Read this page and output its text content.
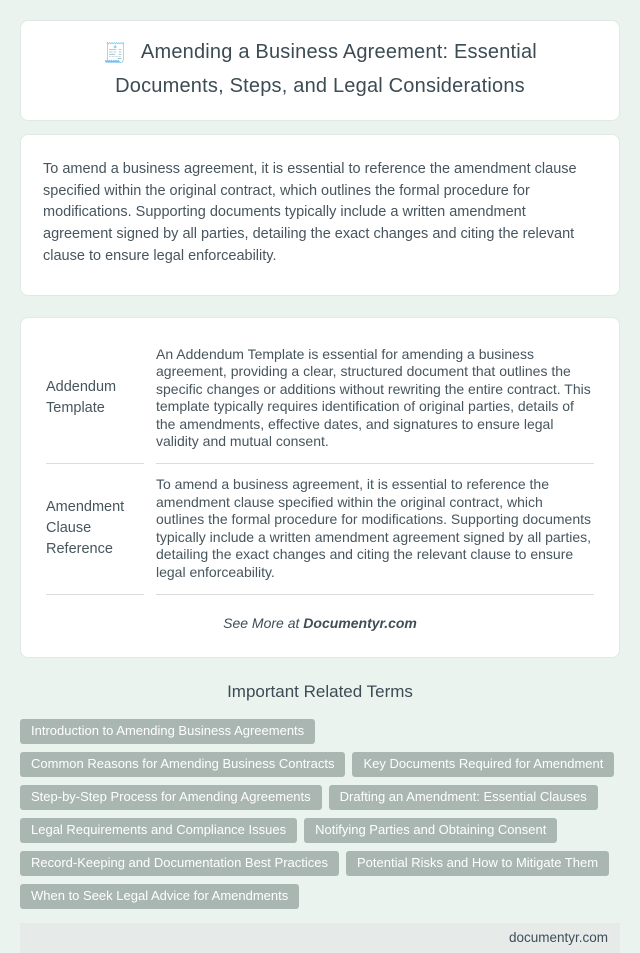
🧾 Amending a Business Agreement: Essential Documents, Steps, and Legal Considerations

To amend a business agreement, it is essential to reference the amendment clause specified within the original contract, which outlines the formal procedure for modifications. Supporting documents typically include a written amendment agreement signed by all parties, detailing the exact changes and citing the relevant clause to ensure legal enforceability.

Addendum Template
An Addendum Template is essential for amending a business agreement, providing a clear, structured document that outlines the specific changes or additions without rewriting the entire contract. This template typically requires identification of original parties, details of the amendments, effective dates, and signatures to ensure legal validity and mutual consent.
Amendment Clause Reference
To amend a business agreement, it is essential to reference the amendment clause specified within the original contract, which outlines the formal procedure for modifications. Supporting documents typically include a written amendment agreement signed by all parties, detailing the exact changes and citing the relevant clause to ensure legal enforceability.
See More at Documentyr.com
Important Related Terms
Introduction to Amending Business Agreements
Common Reasons for Amending Business Contracts	Key Documents Required for Amendment
Step-by-Step Process for Amending Agreements	Drafting an Amendment: Essential Clauses
Legal Requirements and Compliance Issues	Notifying Parties and Obtaining Consent
Record-Keeping and Documentation Best Practices	Potential Risks and How to Mitigate Them
When to Seek Legal Advice for Amendments
documentyr.com
